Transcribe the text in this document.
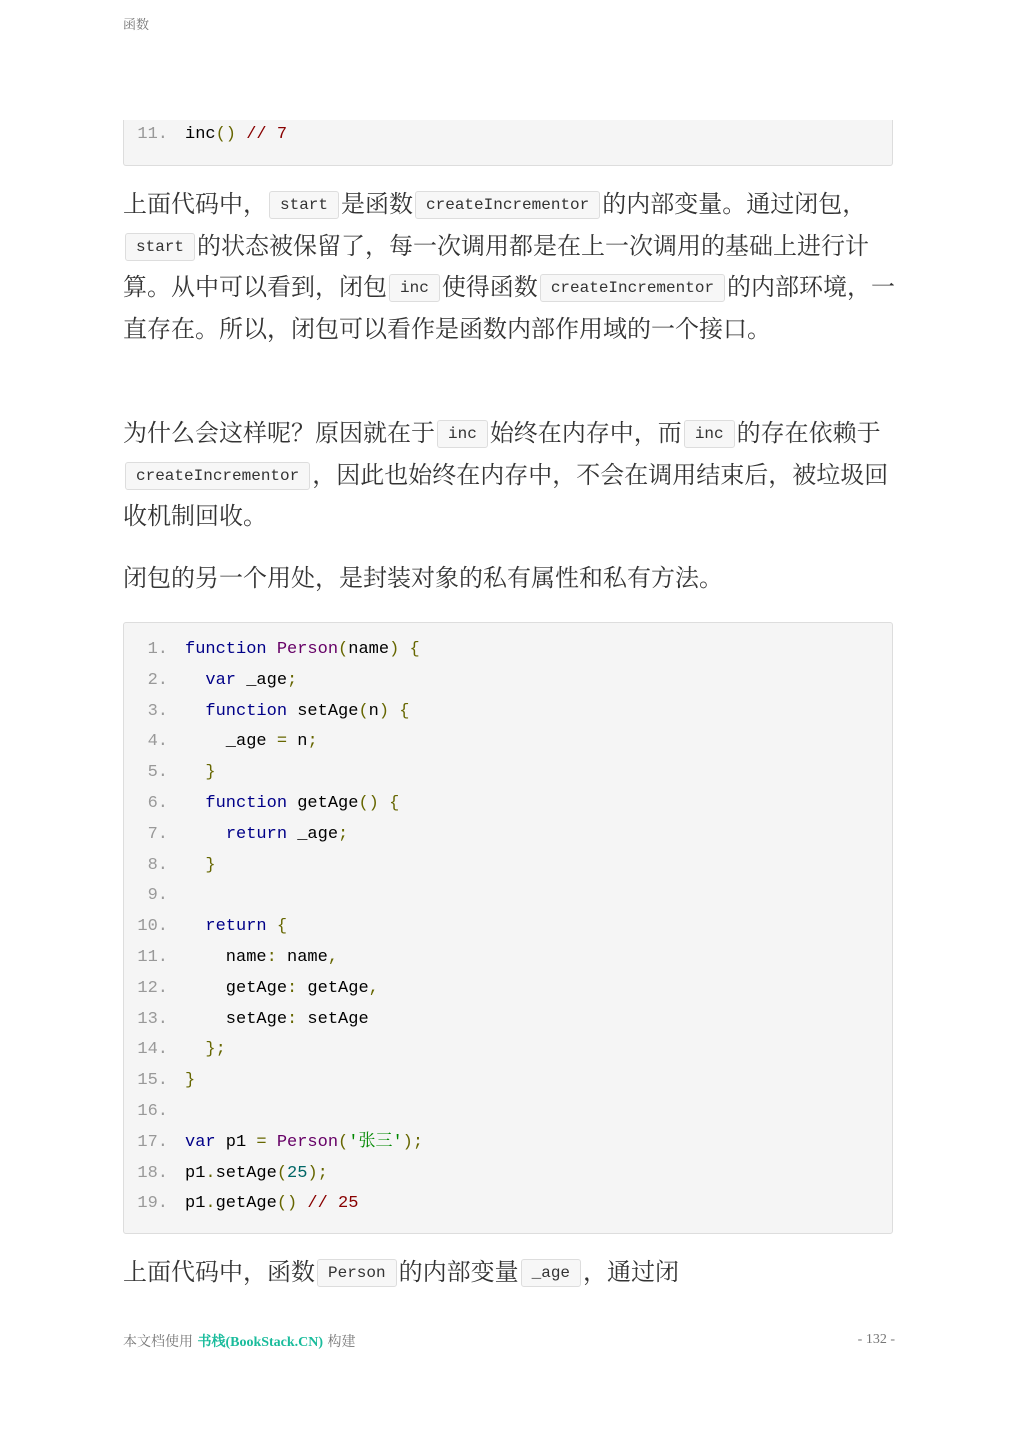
函数
11.	inc() // 7
上面代码中， start 是函数 createIncrementor 的内部变量。通过闭包，start 的状态被保留了，每一次调用都是在上一次调用的基础上进行计算。从中可以看到，闭包 inc 使得函数 createIncrementor 的内部环境，一直存在。所以，闭包可以看作是函数内部作用域的一个接口。
为什么会这样呢？原因就在于 inc 始终在内存中，而 inc 的存在依赖于createIncrementor ，因此也始终在内存中，不会在调用结束后，被垃圾回收机制回收。
闭包的另一个用处，是封装对象的私有属性和私有方法。
1.	function Person(name) {
2.	var _age;
3.	function setAge(n) {
4.	_age = n;
5.	}
6.	function getAge() {
7.	return _age;
8.	}
9.
10.	return {
11.	name: name,
12.	getAge: getAge,
13.	setAge: setAge
14.	};
15.	}
16.
17.	var p1 = Person('张三');
18.	p1.setAge(25);
19.	p1.getAge() // 25
上面代码中，函数 Person 的内部变量 _age ，通过闭
本文档使用 书栈(BookStack.CN) 构建	- 132 -
